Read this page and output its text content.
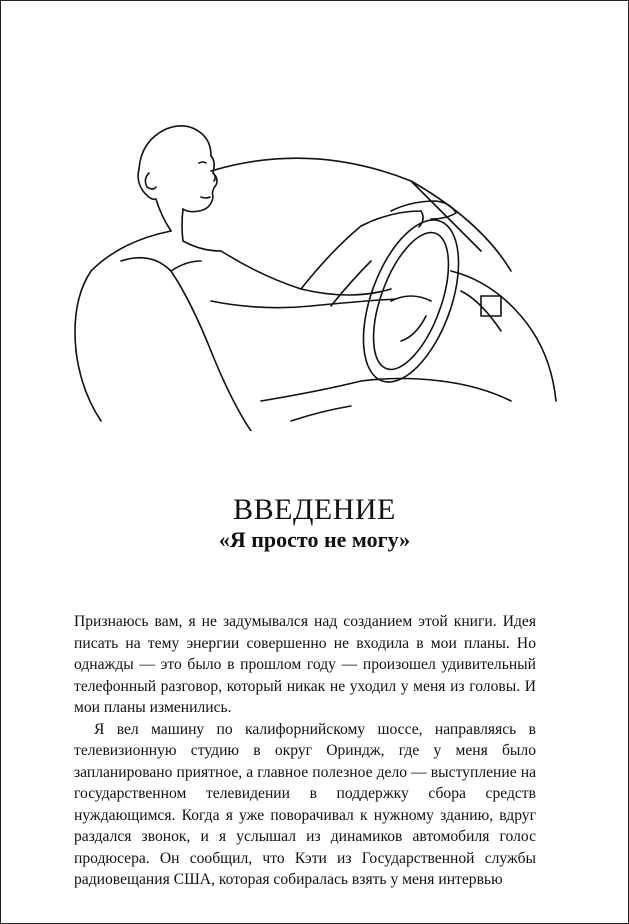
ВВЕДЕНИЕ
«Я просто не могу»

Признаюсь вам, я не задумывался над созданием этой книги. Идея писать на тему энергии совершенно не входила в мои планы. Но однажды — это было в прошлом году — произошел удивительный телефонный разговор, который никак не уходил у меня из головы. И мои планы изменились.

Я вел машину по калифорнийскому шоссе, направляясь в телевизионную студию в округ Ориндж, где у меня было запланировано приятное, а главное полезное дело — выступление на государственном телевидении в поддержку сбора средств нуждающимся. Когда я уже поворачивал к нужному зданию, вдруг раздался звонок, и я услышал из динамиков автомобиля голос продюсера. Он сообщил, что Кэти из Государственной службы радиовещания США, которая собиралась взять у меня интервью
